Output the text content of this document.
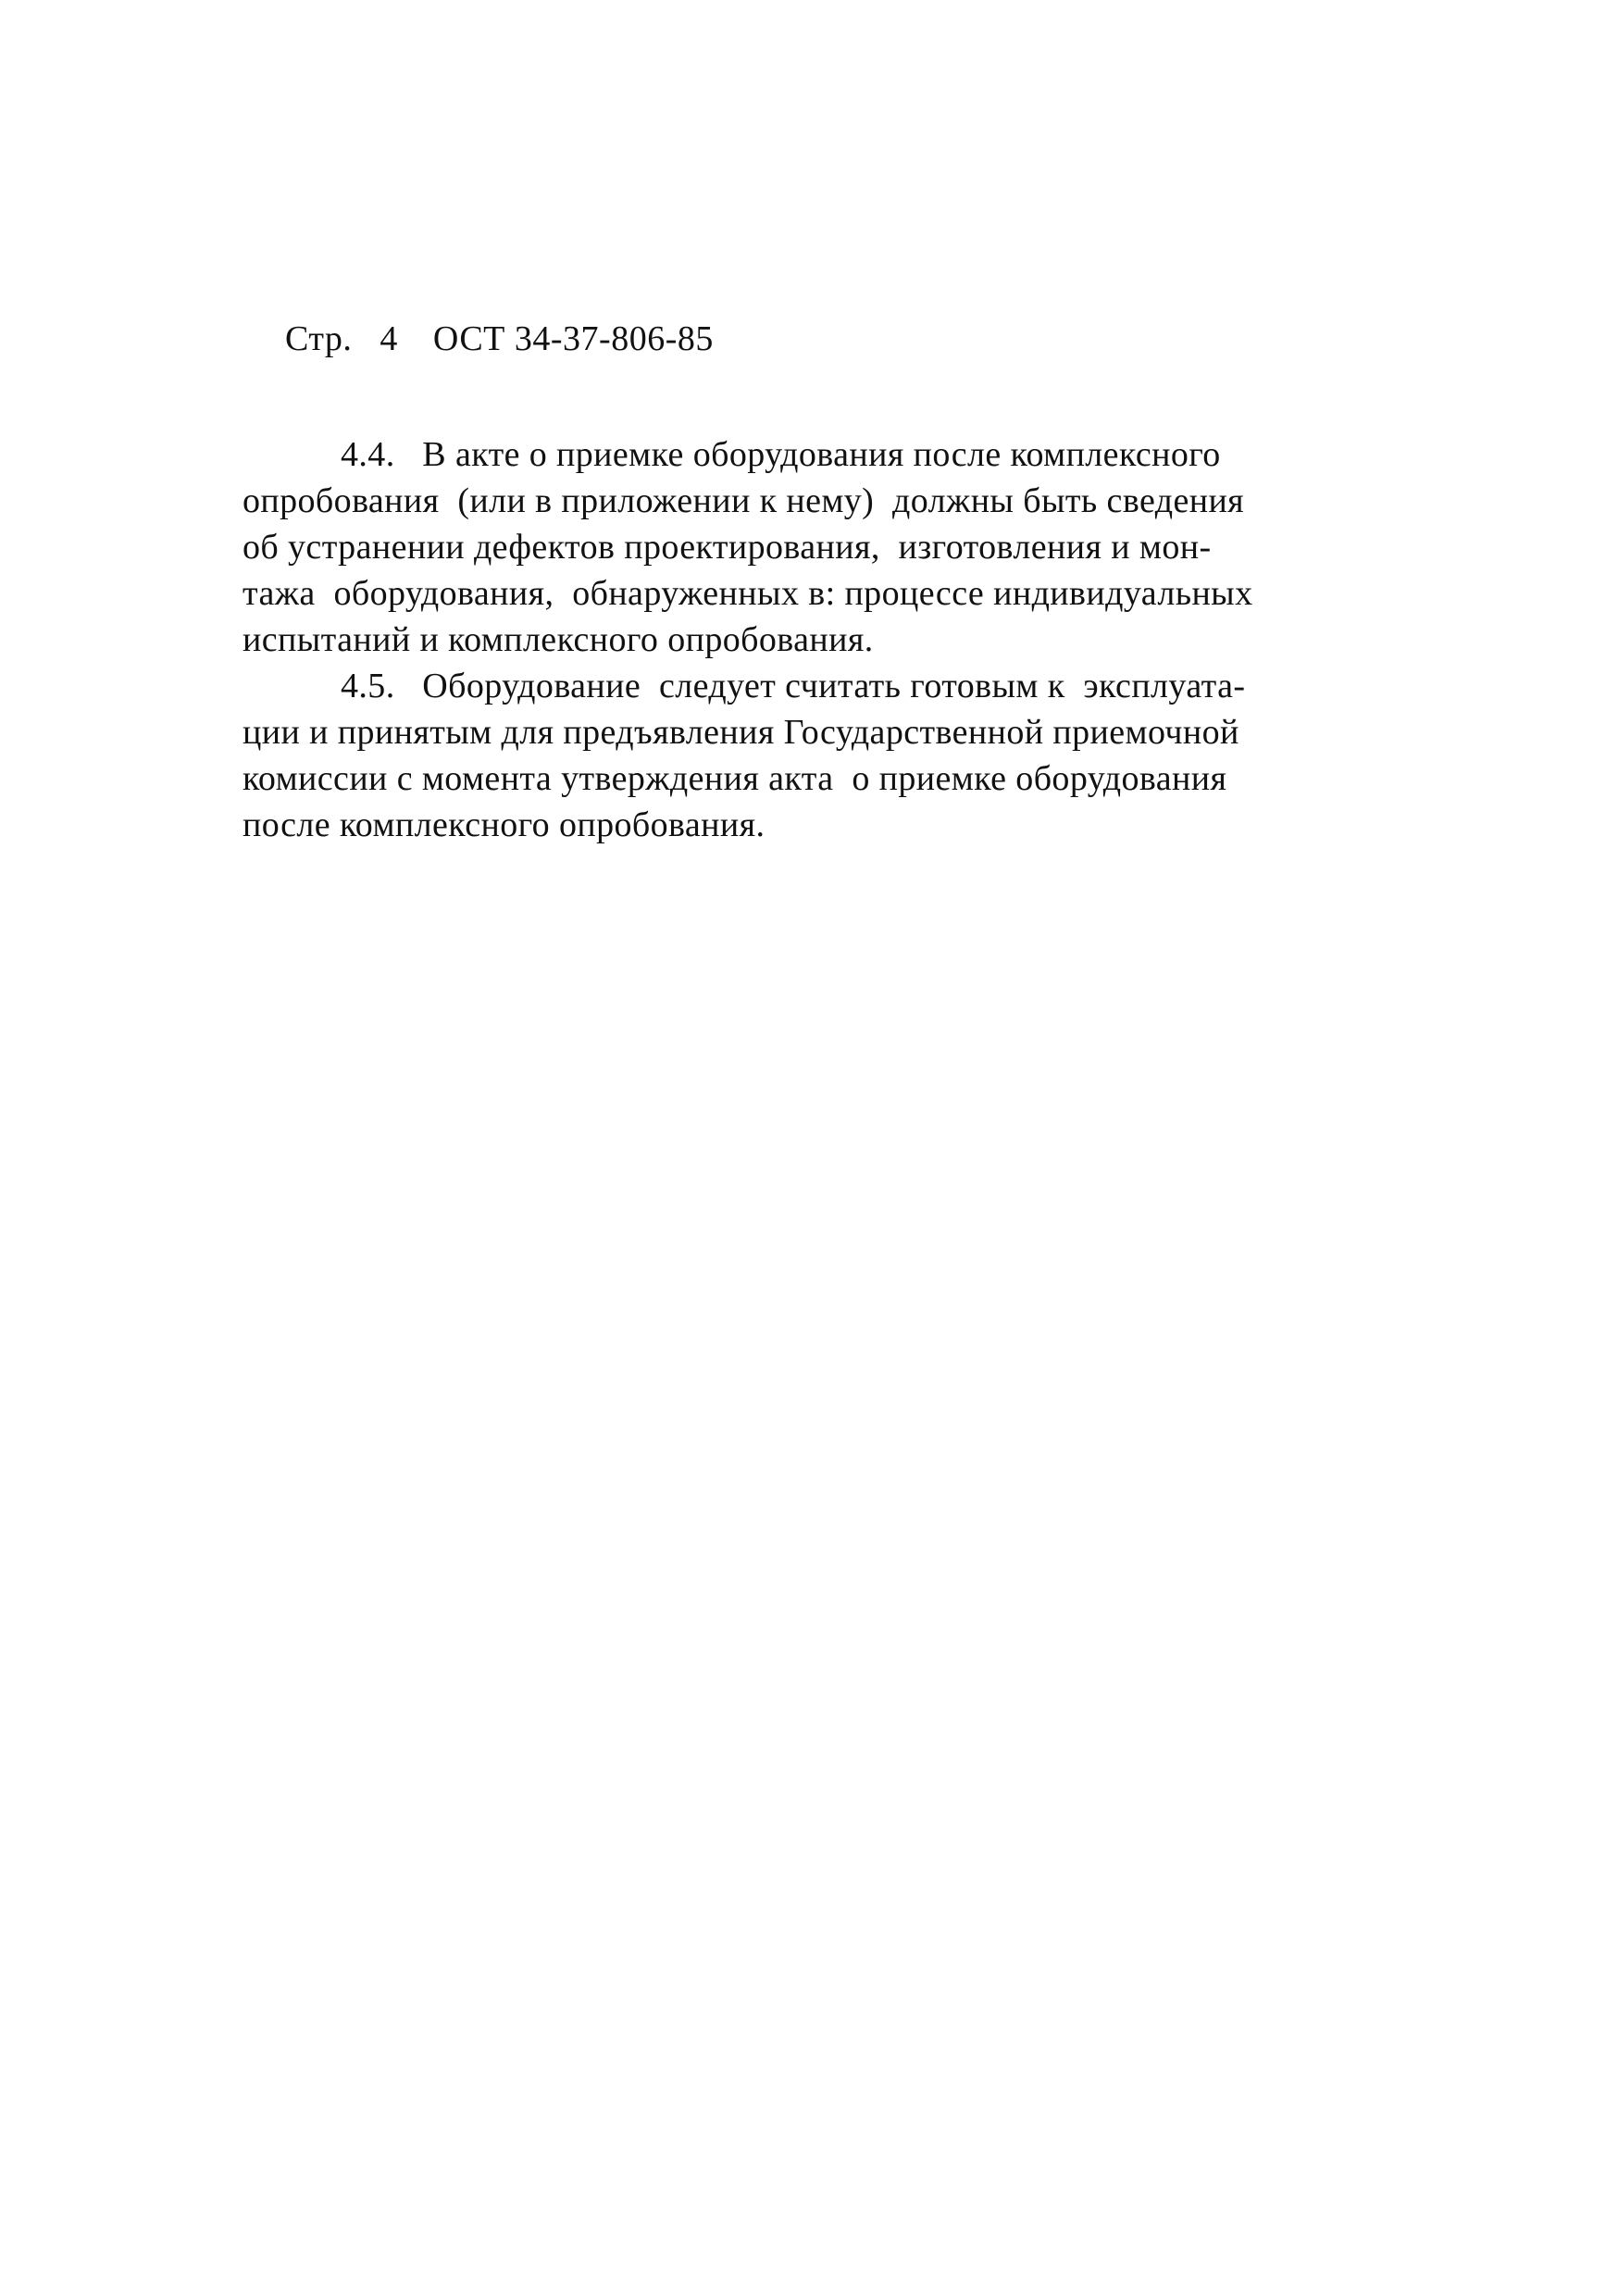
Стр. 4 ОСТ 34-37-806-85

4.4.   В акте о приемке оборудования после комплексного
опробования  (или в приложении к нему)  должны быть сведения
об устранении дефектов проектирования,  изготовления и мон-
тажа  оборудования,  обнаруженных в: процессе индивидуальных
испытаний и комплексного опробования.
4.5.   Оборудование  следует считать готовым к  эксплуата-
ции и принятым для предъявления Государственной приемочной
комиссии с момента утверждения акта  о приемке оборудования
после комплексного опробования.
